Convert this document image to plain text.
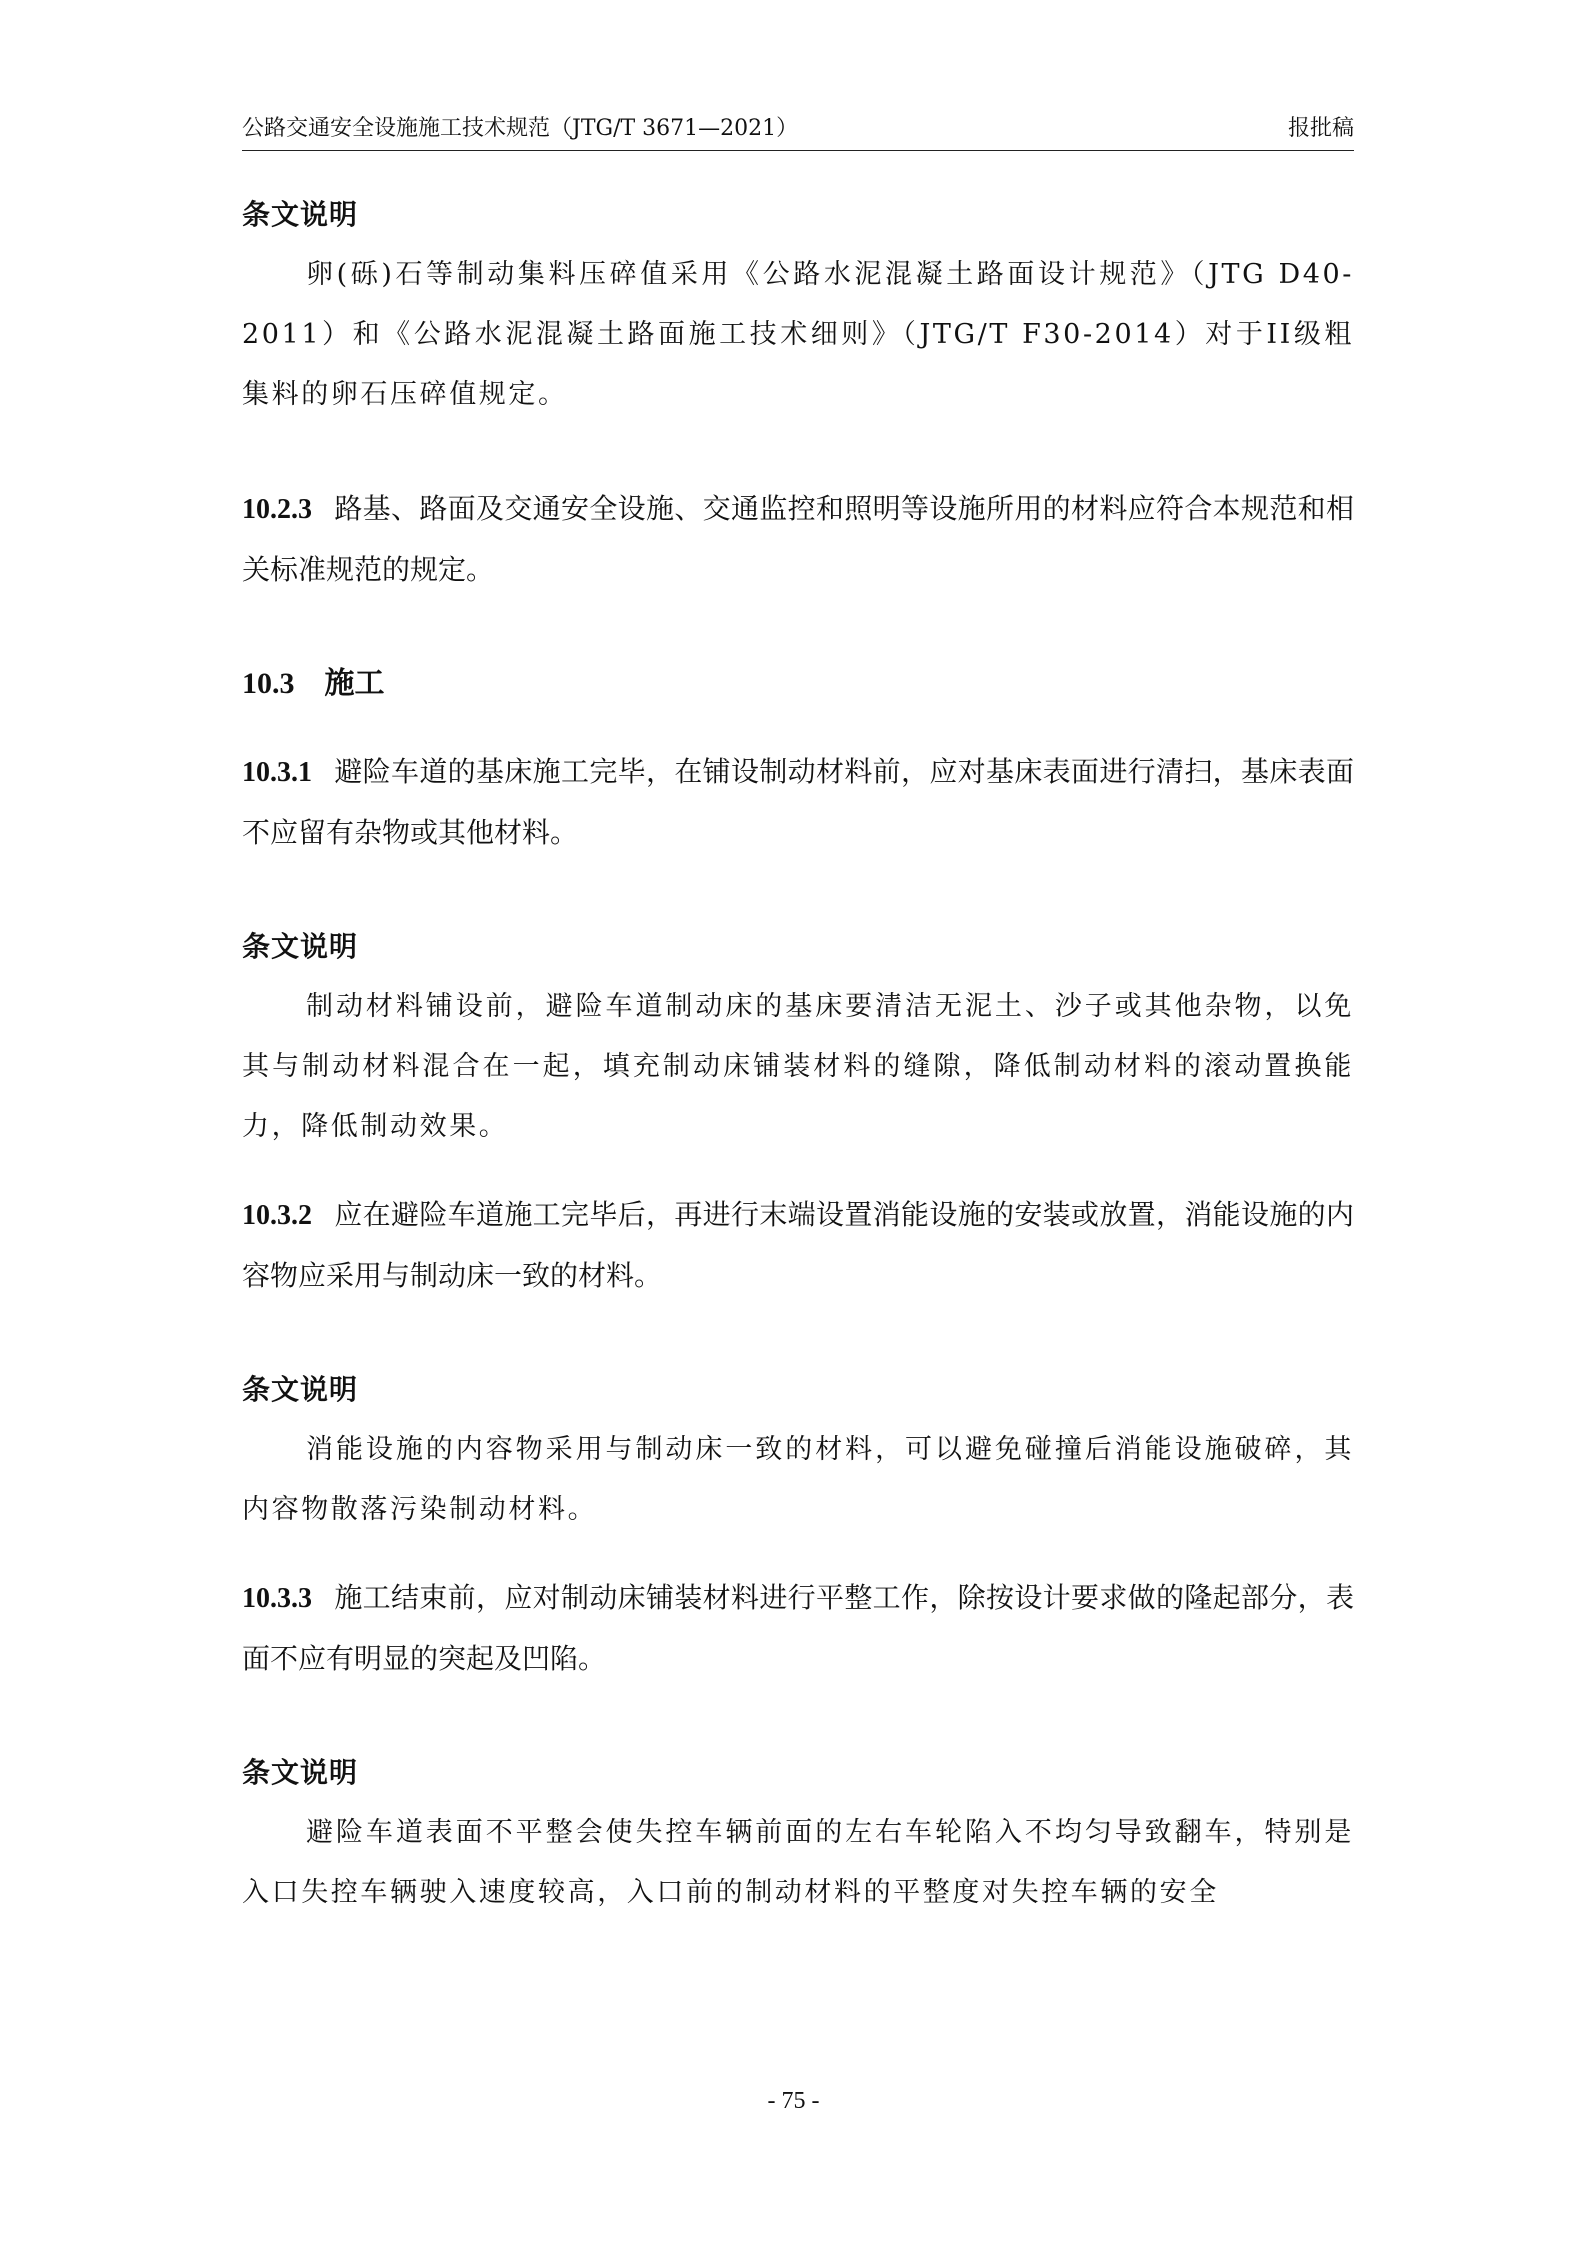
公路交通安全设施施工技术规范（JTG/T 3671—2021）	报批稿

条文说明

卵(砾)石等制动集料压碎值采用《公路水泥混凝土路面设计规范》（JTG D40-2011）和《公路水泥混凝土路面施工技术细则》（JTG/T F30-2014）对于II级粗集料的卵石压碎值规定。

10.2.3 路基、路面及交通安全设施、交通监控和照明等设施所用的材料应符合本规范和相关标准规范的规定。

10.3 施工

10.3.1 避险车道的基床施工完毕，在铺设制动材料前，应对基床表面进行清扫，基床表面不应留有杂物或其他材料。

条文说明

制动材料铺设前，避险车道制动床的基床要清洁无泥土、沙子或其他杂物，以免其与制动材料混合在一起，填充制动床铺装材料的缝隙，降低制动材料的滚动置换能力，降低制动效果。

10.3.2 应在避险车道施工完毕后，再进行末端设置消能设施的安装或放置，消能设施的内容物应采用与制动床一致的材料。

条文说明

消能设施的内容物采用与制动床一致的材料，可以避免碰撞后消能设施破碎，其内容物散落污染制动材料。

10.3.3 施工结束前，应对制动床铺装材料进行平整工作，除按设计要求做的隆起部分，表面不应有明显的突起及凹陷。

条文说明

避险车道表面不平整会使失控车辆前面的左右车轮陷入不均匀导致翻车，特别是入口失控车辆驶入速度较高，入口前的制动材料的平整度对失控车辆的安全

- 75 -
